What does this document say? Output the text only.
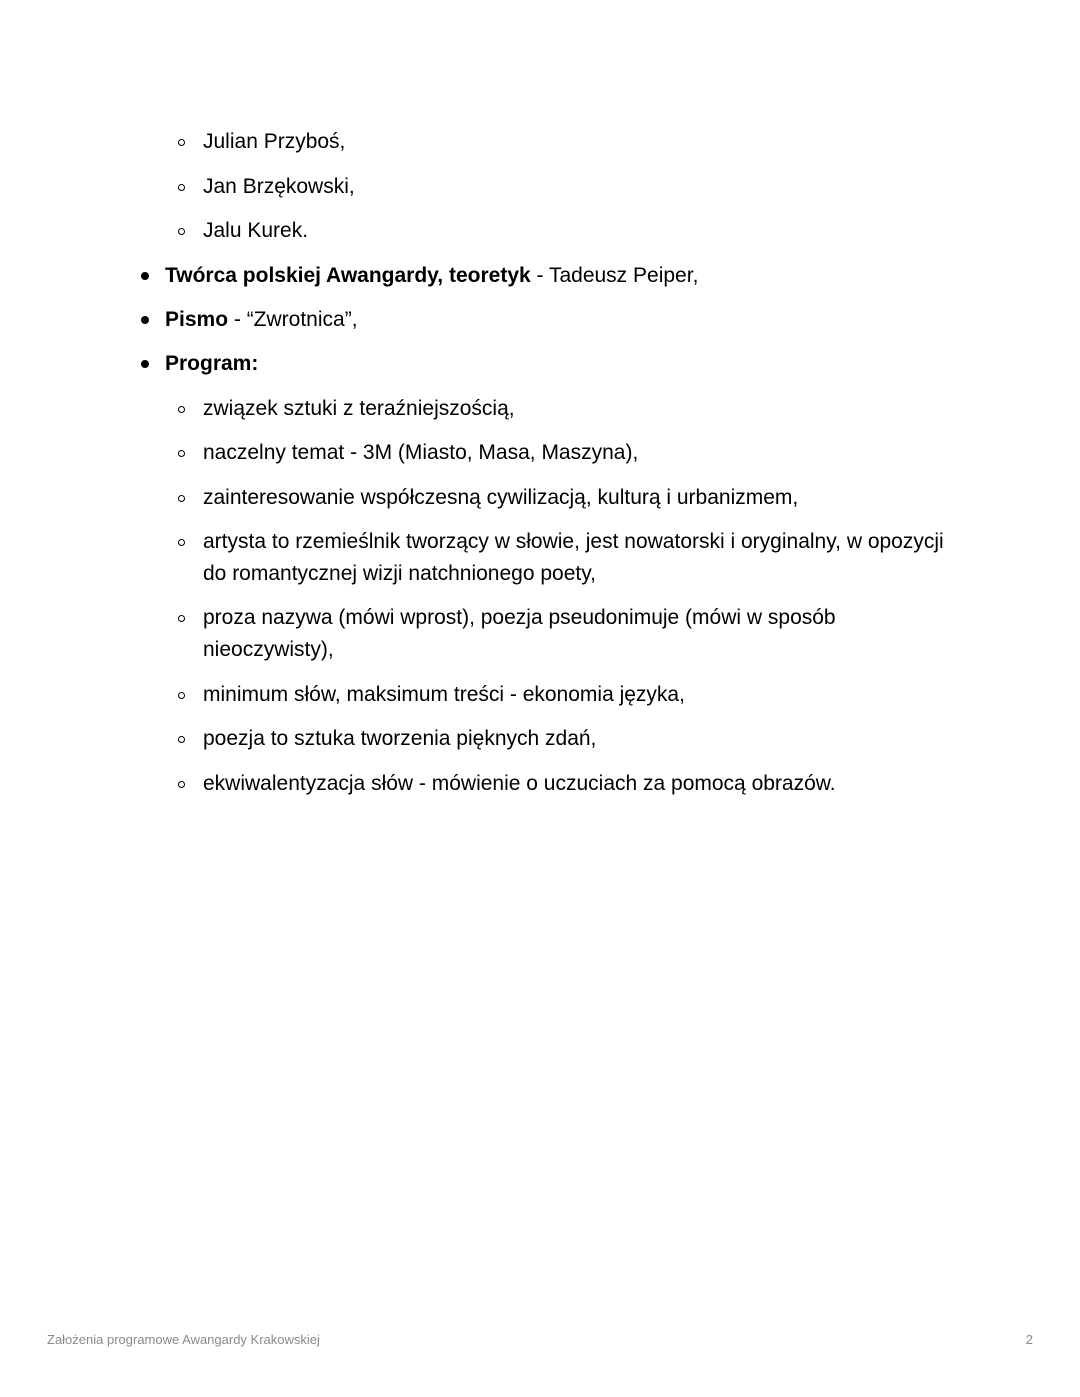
Julian Przyboś,
Jan Brzękowski,
Jalu Kurek.
Twórca polskiej Awangardy, teoretyk - Tadeusz Peiper,
Pismo - “Zwrotnica”,
Program:
związek sztuki z teraźniejszością,
naczelny temat - 3M (Miasto, Masa, Maszyna),
zainteresowanie współczesną cywilizacją, kulturą i urbanizmem,
artysta to rzemieślnik tworzący w słowie, jest nowatorski i oryginalny, w opozycji do romantycznej wizji natchnionego poety,
proza nazywa (mówi wprost), poezja pseudonimuje (mówi w sposób nieoczywisty),
minimum słów, maksimum treści - ekonomia języka,
poezja to sztuka tworzenia pięknych zdań,
ekwiwalentyzacja słów - mówienie o uczuciach za pomocą obrazów.
Założenia programowe Awangardy Krakowskiej	2
